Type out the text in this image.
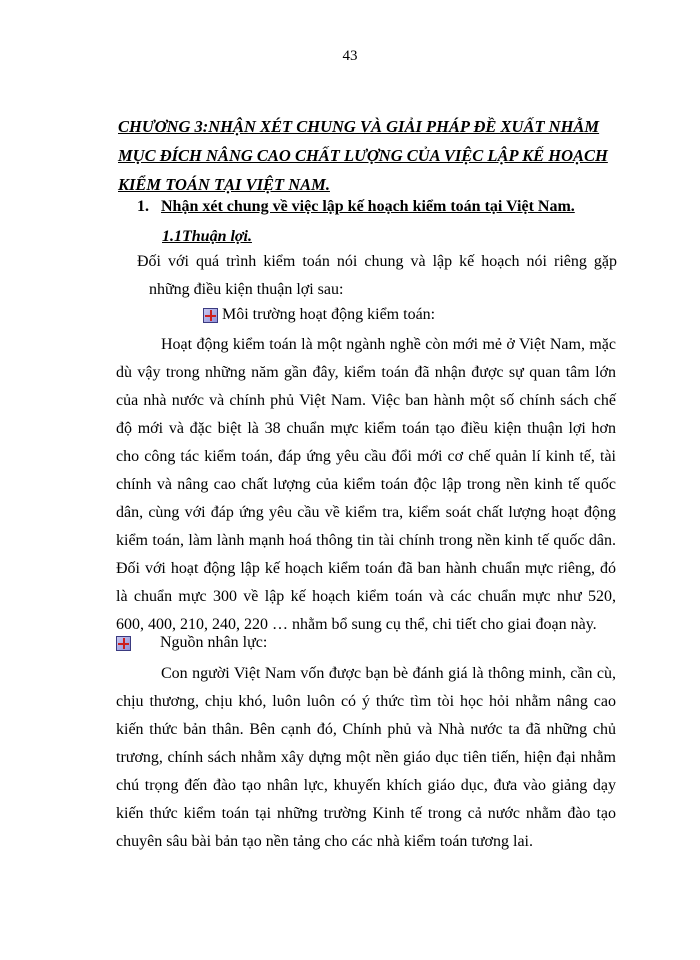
43
CHƯƠNG 3:NHẬN XÉT CHUNG VÀ GIẢI PHÁP ĐỀ XUẤT NHẰM
MỤC ĐÍCH NÂNG CAO CHẤT LƯỢNG CỦA VIỆC LẬP KẾ HOẠCH
KIỂM TOÁN TẠI VIỆT NAM.
1. Nhận xét chung về việc lập kế hoạch kiểm toán tại Việt Nam.
1.1Thuận lợi.

Đối với quá trình kiểm toán nói chung và lập kế hoạch nói riêng gặp
những điều kiện thuận lợi sau:

Môi trường hoạt động kiểm toán:

Hoạt động kiểm toán là một ngành nghề còn mới mẻ ở Việt Nam, mặc
dù vậy trong những năm gần đây, kiểm toán đã nhận được sự quan tâm lớn
của nhà nước và chính phủ Việt Nam. Việc ban hành một số chính sách chế
độ mới và đặc biệt là 38 chuẩn mực kiểm toán tạo điều kiện thuận lợi hơn
cho công tác kiểm toán, đáp ứng yêu cầu đổi mới cơ chế quản lí kinh tế, tài
chính và nâng cao chất lượng của kiểm toán độc lập trong nền kinh tế quốc
dân, cùng với đáp ứng yêu cầu về kiểm tra, kiểm soát chất lượng hoạt động
kiểm toán, làm lành mạnh hoá thông tin tài chính trong nền kinh tế quốc dân.
Đối với hoạt động lập kế hoạch kiểm toán đã ban hành chuẩn mực riêng, đó
là chuẩn mực 300 về lập kế hoạch kiểm toán và các chuẩn mực như 520,
600, 400, 210, 240, 220 … nhằm bổ sung cụ thể, chi tiết cho giai đoạn này.

Nguồn nhân lực:

Con người Việt Nam vốn được bạn bè đánh giá là thông minh, cần cù,
chịu thương, chịu khó, luôn luôn có ý thức tìm tòi học hỏi nhằm nâng cao
kiến thức bản thân. Bên cạnh đó, Chính phủ và Nhà nước ta đã những chủ
trương, chính sách nhằm xây dựng một nền giáo dục tiên tiến, hiện đại nhằm
chú trọng đến đào tạo nhân lực, khuyến khích giáo dục, đưa vào giảng dạy
kiến thức kiểm toán tại những trường Kinh tế trong cả nước nhằm đào tạo
chuyên sâu bài bản tạo nền tảng cho các nhà kiểm toán tương lai.
